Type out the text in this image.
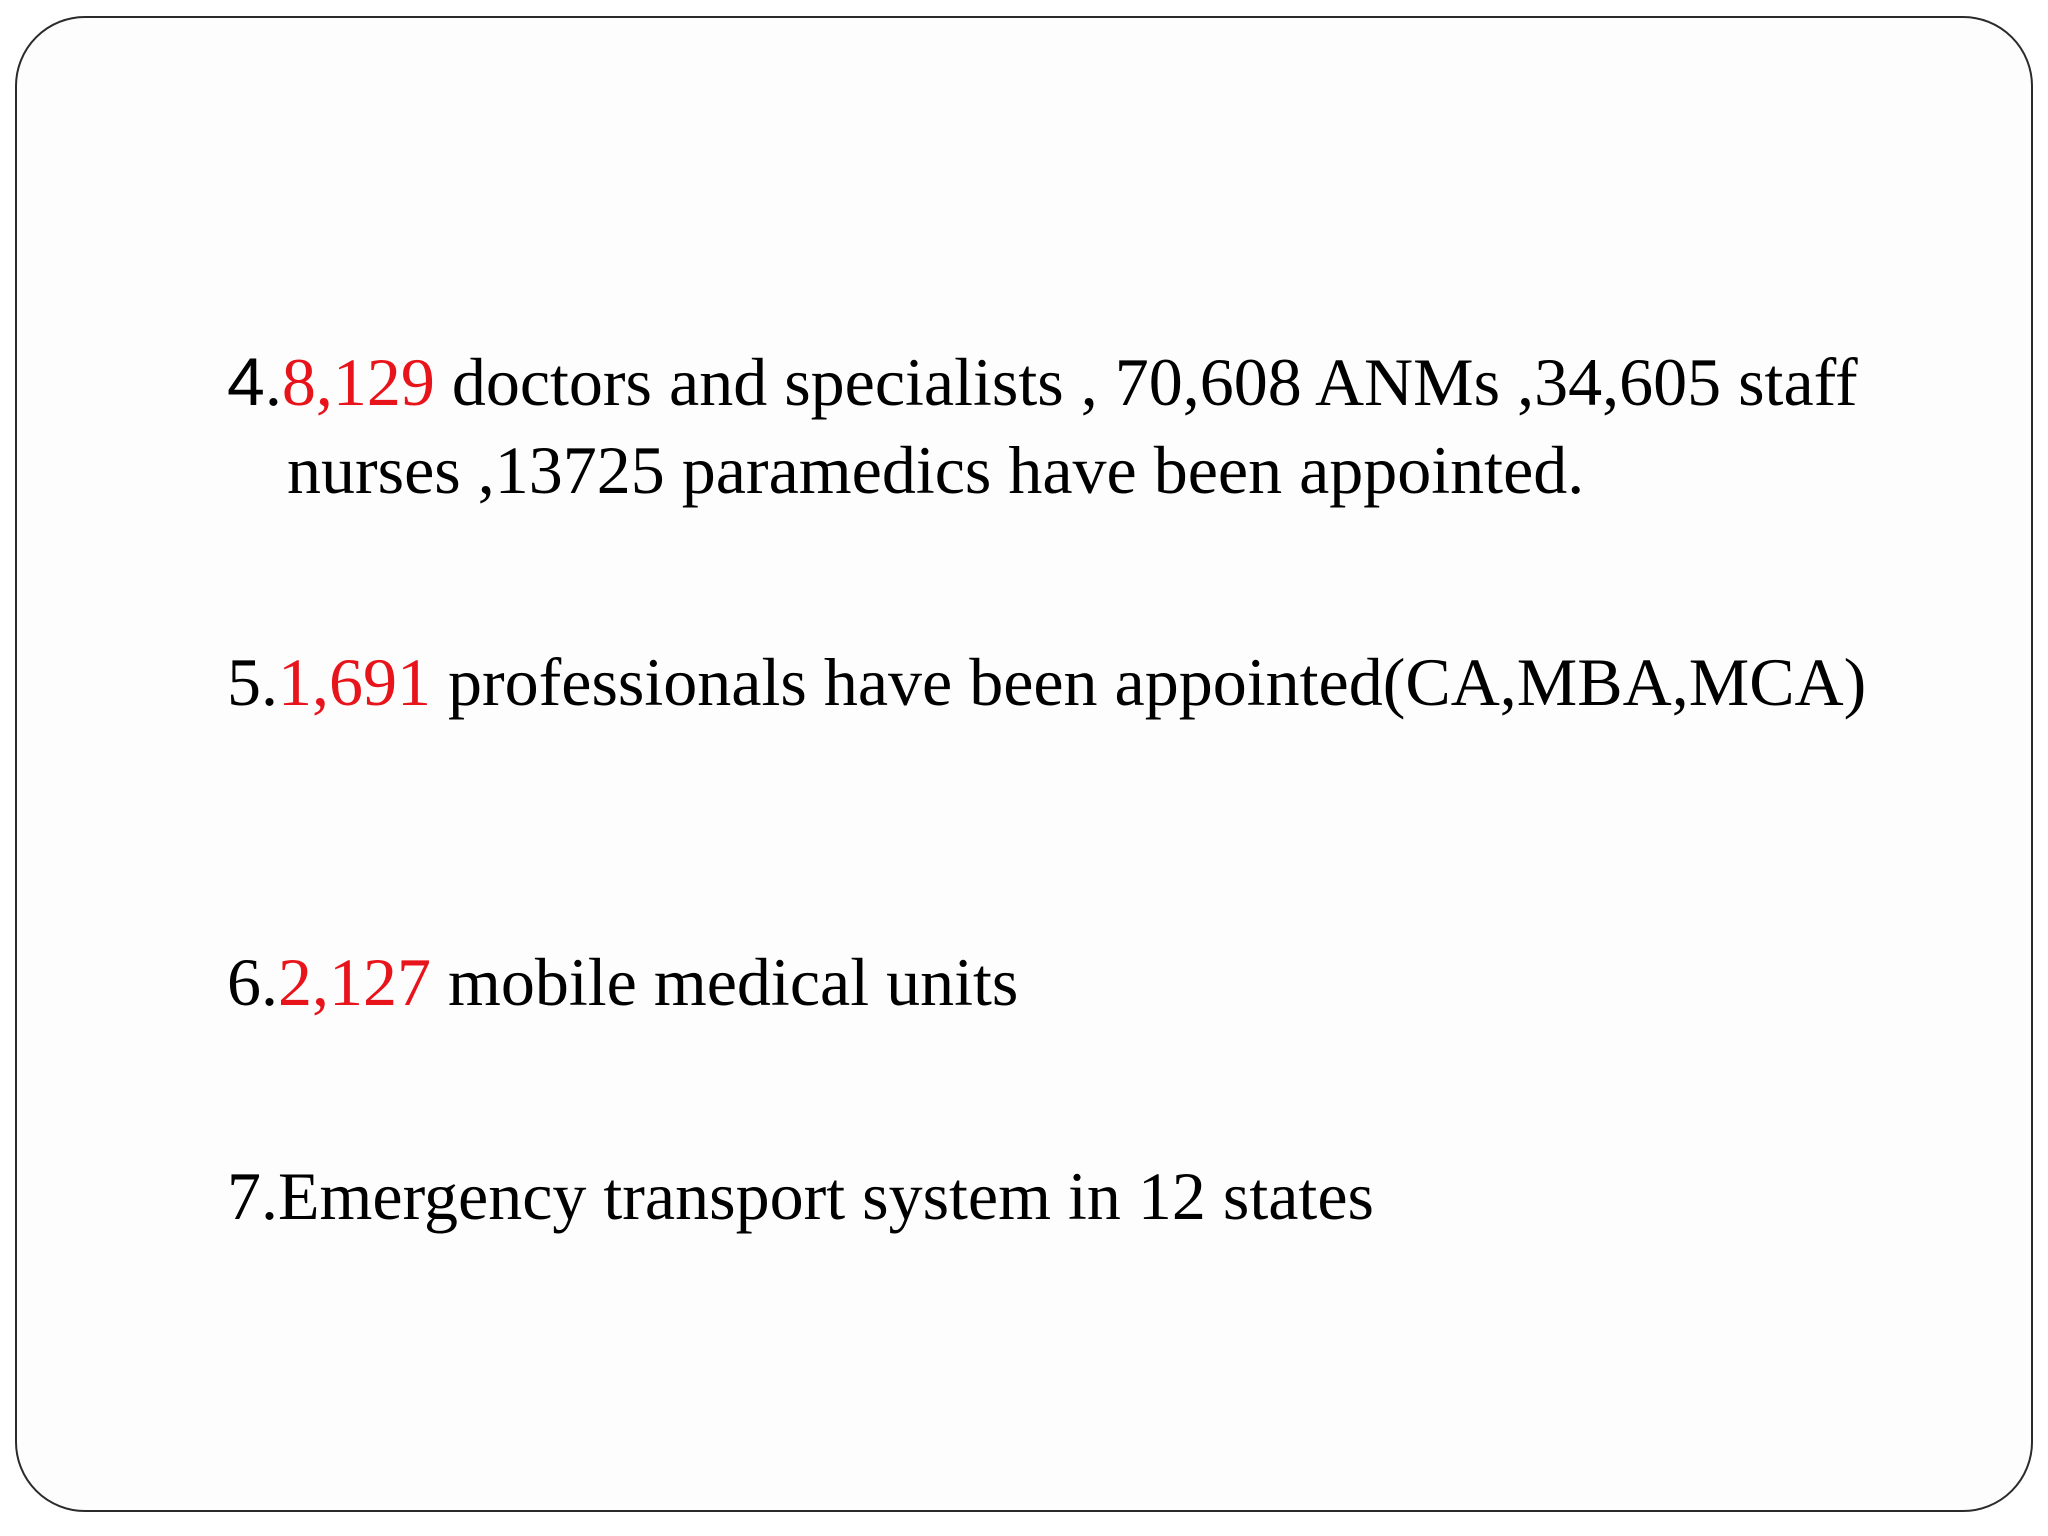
4.8,129 doctors and specialists , 70,608 ANMs ,34,605 staff nurses ,13725 paramedics have been appointed.
5.1,691 professionals have been appointed(CA,MBA,MCA)
6.2,127 mobile medical units
7.Emergency transport system in 12 states
